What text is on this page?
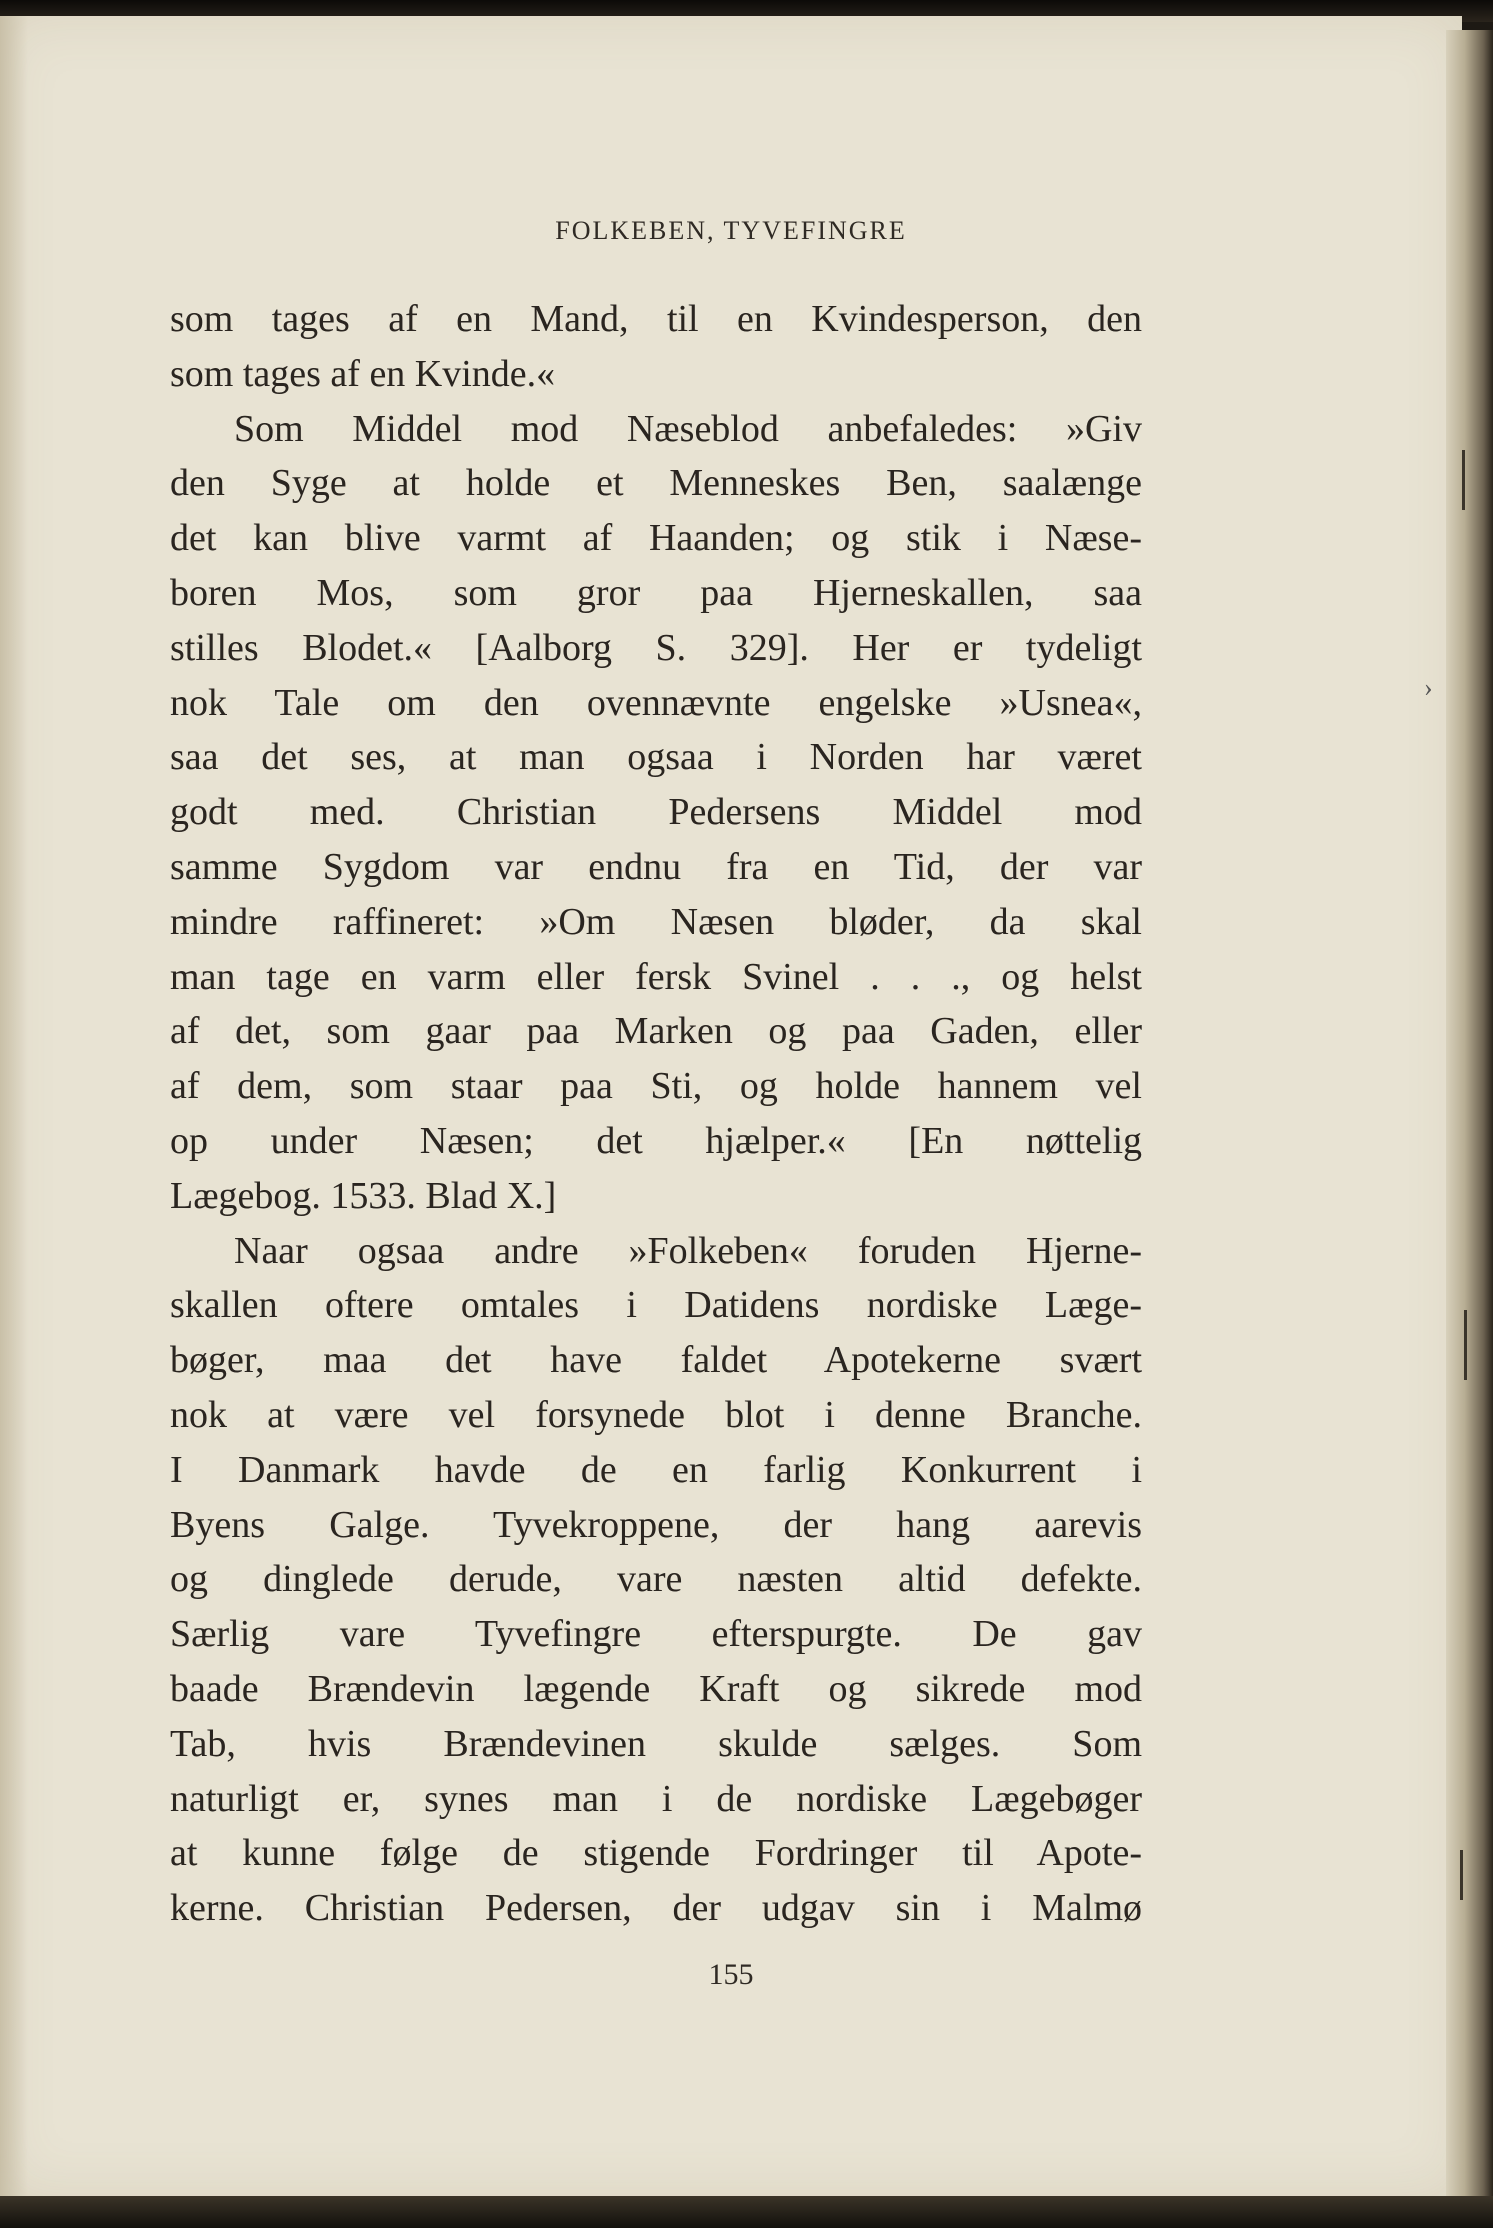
FOLKEBEN, TYVEFINGRE
som tages af en Mand, til en Kvindesperson, den
som tages af en Kvinde.«
Som Middel mod Næseblod anbefaledes: »Giv
den Syge at holde et Menneskes Ben, saalænge
det kan blive varmt af Haanden; og stik i Næse-
boren Mos, som gror paa Hjerneskallen, saa
stilles Blodet.« [Aalborg S. 329]. Her er tydeligt
nok Tale om den ovennævnte engelske »Usnea«,
saa det ses, at man ogsaa i Norden har været
godt med. Christian Pedersens Middel mod
samme Sygdom var endnu fra en Tid, der var
mindre raffineret: »Om Næsen bløder, da skal
man tage en varm eller fersk Svinel . . ., og helst
af det, som gaar paa Marken og paa Gaden, eller
af dem, som staar paa Sti, og holde hannem vel
op under Næsen; det hjælper.« [En nøttelig
Lægebog. 1533. Blad X.]
Naar ogsaa andre »Folkeben« foruden Hjerne-
skallen oftere omtales i Datidens nordiske Læge-
bøger, maa det have faldet Apotekerne svært
nok at være vel forsynede blot i denne Branche.
I Danmark havde de en farlig Konkurrent i
Byens Galge. Tyvekroppene, der hang aarevis
og dinglede derude, vare næsten altid defekte.
Særlig vare Tyvefingre efterspurgte. De gav
baade Brændevin lægende Kraft og sikrede mod
Tab, hvis Brændevinen skulde sælges. Som
naturligt er, synes man i de nordiske Lægebøger
at kunne følge de stigende Fordringer til Apote-
kerne. Christian Pedersen, der udgav sin i Malmø
155
›
